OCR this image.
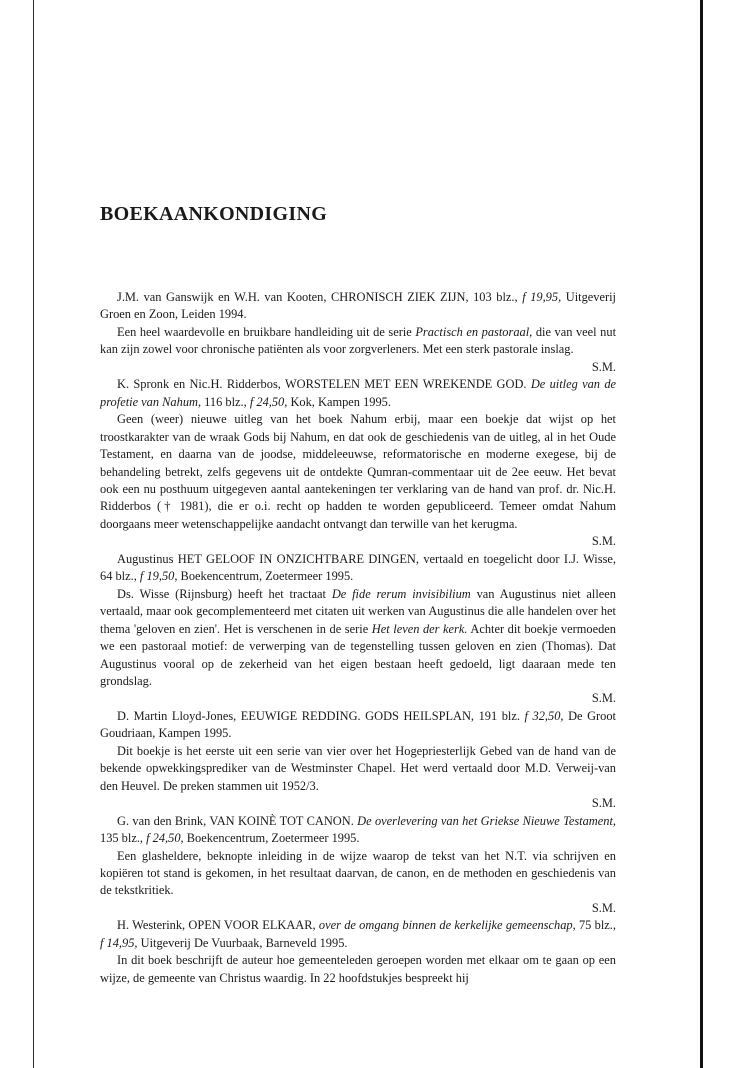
BOEKAANKONDIGING

J.M. van Ganswijk en W.H. van Kooten, CHRONISCH ZIEK ZIJN, 103 blz., f 19,95, Uitgeverij Groen en Zoon, Leiden 1994.

Een heel waardevolle en bruikbare handleiding uit de serie Practisch en pastoraal, die van veel nut kan zijn zowel voor chronische patiënten als voor zorgverleners. Met een sterk pastorale inslag.
S.M.

K. Spronk en Nic.H. Ridderbos, WORSTELEN MET EEN WREKENDE GOD. De uitleg van de profetie van Nahum, 116 blz., f 24,50, Kok, Kampen 1995.

Geen (weer) nieuwe uitleg van het boek Nahum erbij, maar een boekje dat wijst op het troostkarakter van de wraak Gods bij Nahum, en dat ook de geschiedenis van de uitleg, al in het Oude Testament, en daarna van de joodse, middeleeuwse, reformatorische en moderne exegese, bij de behandeling betrekt, zelfs gegevens uit de ontdekte Qumran-commentaar uit de 2ee eeuw. Het bevat ook een nu posthuum uitgegeven aantal aantekeningen ter verklaring van de hand van prof. dr. Nic.H. Ridderbos († 1981), die er o.i. recht op hadden te worden gepubliceerd. Temeer omdat Nahum doorgaans meer wetenschappelijke aandacht ontvangt dan terwille van het kerugma.
S.M.

Augustinus HET GELOOF IN ONZICHTBARE DINGEN, vertaald en toegelicht door I.J. Wisse, 64 blz., f 19,50, Boekencentrum, Zoetermeer 1995.

Ds. Wisse (Rijnsburg) heeft het tractaat De fide rerum invisibilium van Augustinus niet alleen vertaald, maar ook gecomplementeerd met citaten uit werken van Augustinus die alle handelen over het thema 'geloven en zien'. Het is verschenen in de serie Het leven der kerk. Achter dit boekje vermoeden we een pastoraal motief: de verwerping van de tegenstelling tussen geloven en zien (Thomas). Dat Augustinus vooral op de zekerheid van het eigen bestaan heeft gedoeld, ligt daaraan mede ten grondslag.
S.M.

D. Martin Lloyd-Jones, EEUWIGE REDDING. GODS HEILSPLAN, 191 blz. f 32,50, De Groot Goudriaan, Kampen 1995.

Dit boekje is het eerste uit een serie van vier over het Hogepriesterlijk Gebed van de hand van de bekende opwekkingsprediker van de Westminster Chapel. Het werd vertaald door M.D. Verweij-van den Heuvel. De preken stammen uit 1952/3.
S.M.

G. van den Brink, VAN KOINÈ TOT CANON. De overlevering van het Griekse Nieuwe Testament, 135 blz., f 24,50, Boekencentrum, Zoetermeer 1995.

Een glasheldere, beknopte inleiding in de wijze waarop de tekst van het N.T. via schrijven en kopiëren tot stand is gekomen, in het resultaat daarvan, de canon, en de methoden en geschiedenis van de tekstkritiek.
S.M.

H. Westerink, OPEN VOOR ELKAAR, over de omgang binnen de kerkelijke gemeenschap, 75 blz., f 14,95, Uitgeverij De Vuurbaak, Barneveld 1995.

In dit boek beschrijft de auteur hoe gemeenteleden geroepen worden met elkaar om te gaan op een wijze, de gemeente van Christus waardig. In 22 hoofdstukjes bespreekt hij
